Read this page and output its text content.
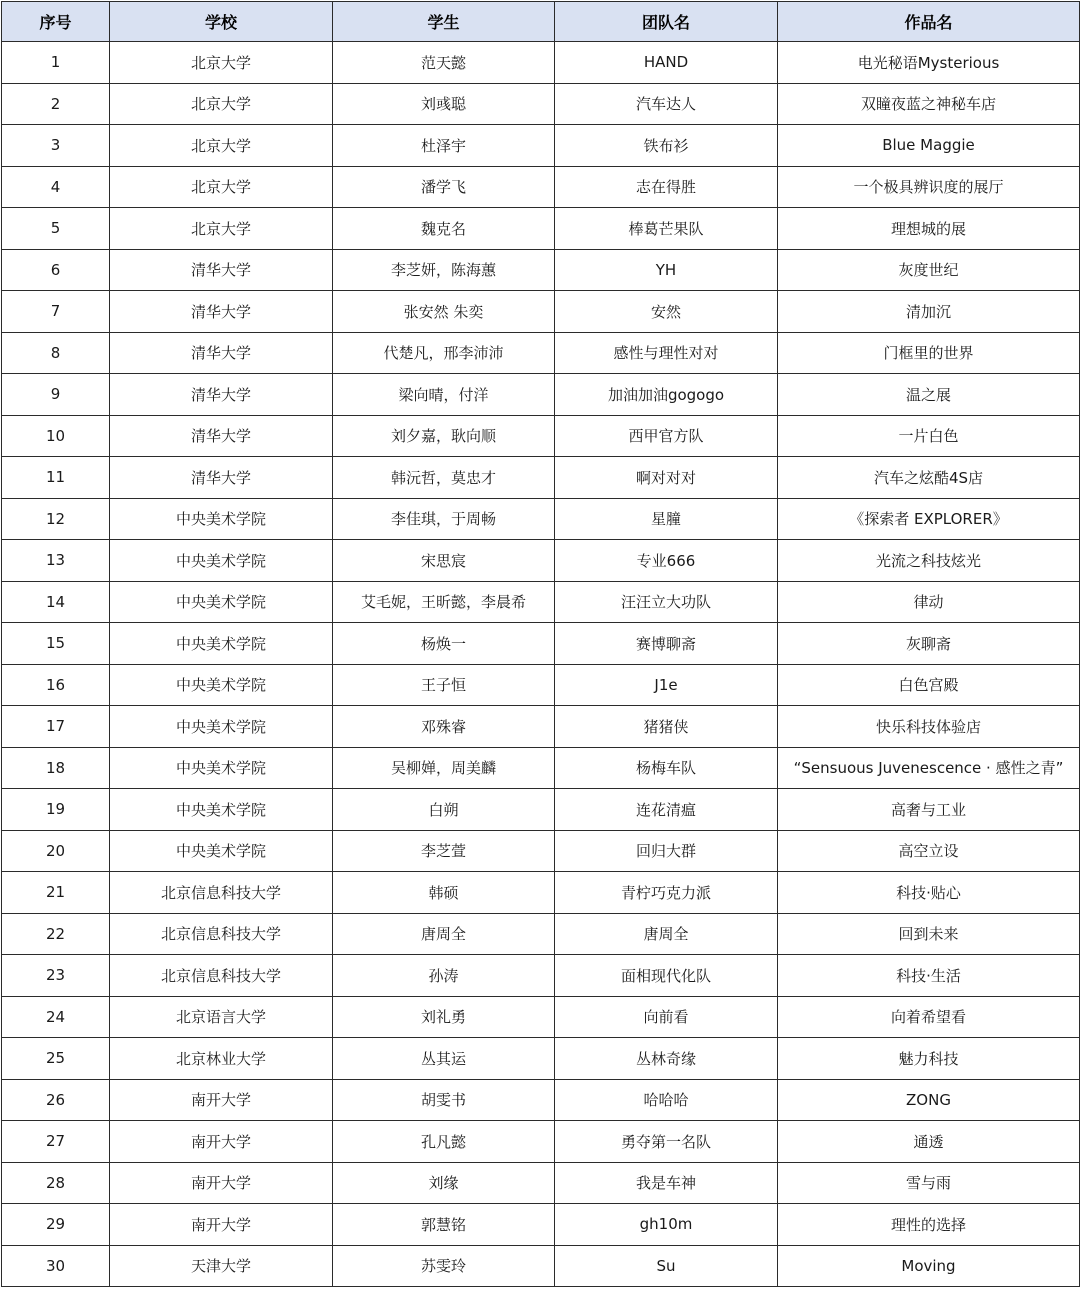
序号	学校	学生	团队名	作品名
1	北京大学	范天懿	HAND	电光秘语Mysterious
2	北京大学	刘彧聪	汽车达人	双瞳夜蓝之神秘车店
3	北京大学	杜泽宇	铁布衫	Blue Maggie
4	北京大学	潘学飞	志在得胜	一个极具辨识度的展厅
5	北京大学	魏克名	棒葛芒果队	理想城的展
6	清华大学	李芝妍，陈海蕙	YH	灰度世纪
7	清华大学	张安然 朱奕	安然	清加沉
8	清华大学	代楚凡，邢李沛沛	感性与理性对对	门框里的世界
9	清华大学	梁向晴，付洋	加油加油gogogo	温之展
10	清华大学	刘夕嘉，耿向顺	西甲官方队	一片白色
11	清华大学	韩沅哲，莫忠才	啊对对对	汽车之炫酷4S店
12	中央美术学院	李佳琪，于周畅	星膧	《探索者 EXPLORER》
13	中央美术学院	宋思宸	专业666	光流之科技炫光
14	中央美术学院	艾毛妮，王昕懿，李晨希	汪汪立大功队	律动
15	中央美术学院	杨焕一	赛博聊斋	灰聊斋
16	中央美术学院	王子恒	J1e	白色宫殿
17	中央美术学院	邓殊睿	猪猪侠	快乐科技体验店
18	中央美术学院	吴柳婵，周美麟	杨梅车队	“Sensuous Juvenescence · 感性之青”
19	中央美术学院	白朔	连花清瘟	高奢与工业
20	中央美术学院	李芝萱	回归大群	高空立设
21	北京信息科技大学	韩硕	青柠巧克力派	科技·贴心
22	北京信息科技大学	唐周全	唐周全	回到未来
23	北京信息科技大学	孙涛	面相现代化队	科技·生活
24	北京语言大学	刘礼勇	向前看	向着希望看
25	北京林业大学	丛其运	丛林奇缘	魅力科技
26	南开大学	胡雯书	哈哈哈	ZONG
27	南开大学	孔凡懿	勇夺第一名队	通透
28	南开大学	刘缘	我是车神	雪与雨
29	南开大学	郭慧铭	gh10m	理性的选择
30	天津大学	苏雯玲	Su	Moving
